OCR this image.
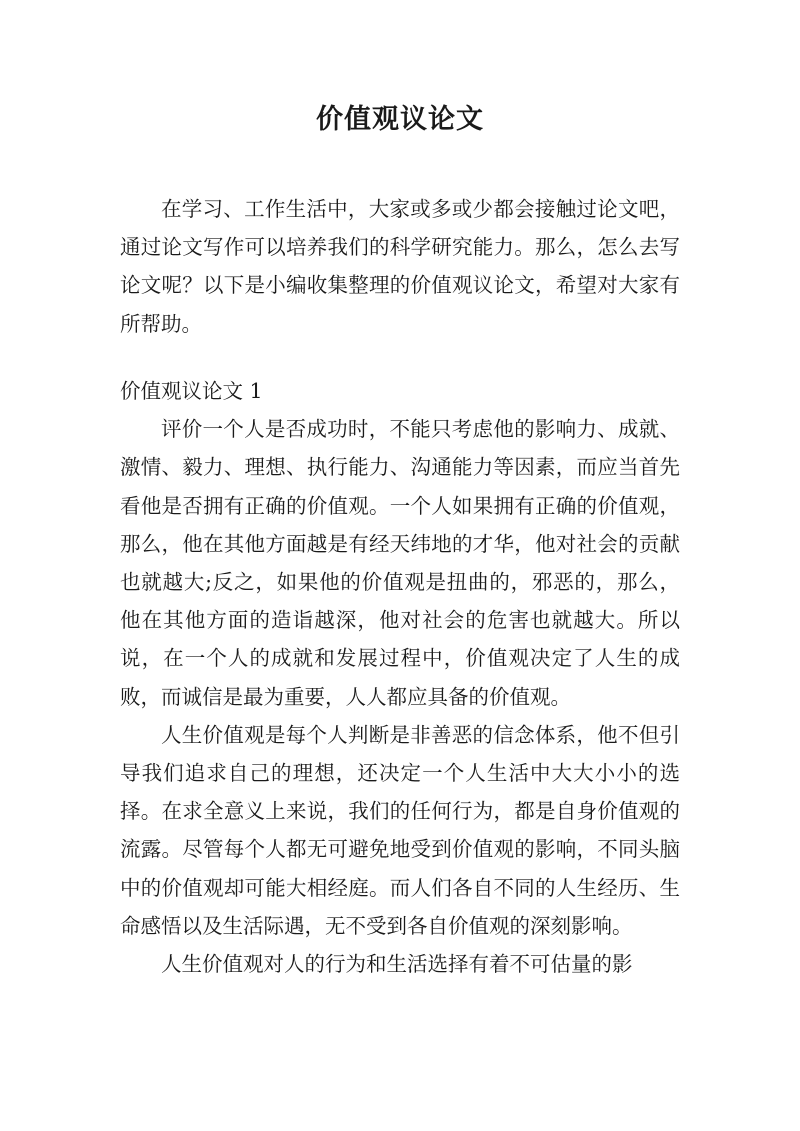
价值观议论文

在学习、工作生活中，大家或多或少都会接触过论文吧，通过论文写作可以培养我们的科学研究能力。那么，怎么去写论文呢？以下是小编收集整理的价值观议论文，希望对大家有所帮助。

价值观议论文 1

评价一个人是否成功时，不能只考虑他的影响力、成就、激情、毅力、理想、执行能力、沟通能力等因素，而应当首先看他是否拥有正确的价值观。一个人如果拥有正确的价值观，那么，他在其他方面越是有经天纬地的才华，他对社会的贡献也就越大;反之，如果他的价值观是扭曲的，邪恶的，那么，他在其他方面的造诣越深，他对社会的危害也就越大。所以说，在一个人的成就和发展过程中，价值观决定了人生的成败，而诚信是最为重要，人人都应具备的价值观。

人生价值观是每个人判断是非善恶的信念体系，他不但引导我们追求自己的理想，还决定一个人生活中大大小小的选择。在求全意义上来说，我们的任何行为，都是自身价值观的流露。尽管每个人都无可避免地受到价值观的影响，不同头脑中的价值观却可能大相经庭。而人们各自不同的人生经历、生命感悟以及生活际遇，无不受到各自价值观的深刻影响。

人生价值观对人的行为和生活选择有着不可估量的影
